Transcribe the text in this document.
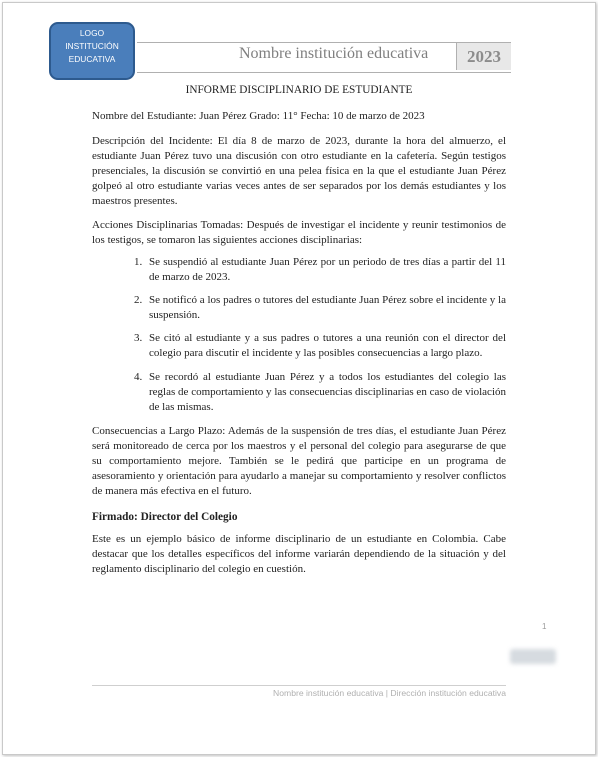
LOGO
INSTITUCIÓN
EDUCATIVA	Nombre institución educativa	2023
INFORME DISCIPLINARIO DE ESTUDIANTE

Nombre del Estudiante: Juan Pérez Grado: 11° Fecha: 10 de marzo de 2023

Descripción del Incidente: El día 8 de marzo de 2023, durante la hora del almuerzo, el estudiante Juan Pérez tuvo una discusión con otro estudiante en la cafetería. Según testigos presenciales, la discusión se convirtió en una pelea física en la que el estudiante Juan Pérez golpeó al otro estudiante varias veces antes de ser separados por los demás estudiantes y los maestros presentes.

Acciones Disciplinarias Tomadas: Después de investigar el incidente y reunir testimonios de los testigos, se tomaron las siguientes acciones disciplinarias:

1. Se suspendió al estudiante Juan Pérez por un periodo de tres días a partir del 11 de marzo de 2023.
2. Se notificó a los padres o tutores del estudiante Juan Pérez sobre el incidente y la suspensión.
3. Se citó al estudiante y a sus padres o tutores a una reunión con el director del colegio para discutir el incidente y las posibles consecuencias a largo plazo.
4. Se recordó al estudiante Juan Pérez y a todos los estudiantes del colegio las reglas de comportamiento y las consecuencias disciplinarias en caso de violación de las mismas.

Consecuencias a Largo Plazo: Además de la suspensión de tres días, el estudiante Juan Pérez será monitoreado de cerca por los maestros y el personal del colegio para asegurarse de que su comportamiento mejore. También se le pedirá que participe en un programa de asesoramiento y orientación para ayudarlo a manejar su comportamiento y resolver conflictos de manera más efectiva en el futuro.

Firmado: Director del Colegio

Este es un ejemplo básico de informe disciplinario de un estudiante en Colombia. Cabe destacar que los detalles específicos del informe variarán dependiendo de la situación y del reglamento disciplinario del colegio en cuestión.

1
Nombre institución educativa | Dirección institución educativa
